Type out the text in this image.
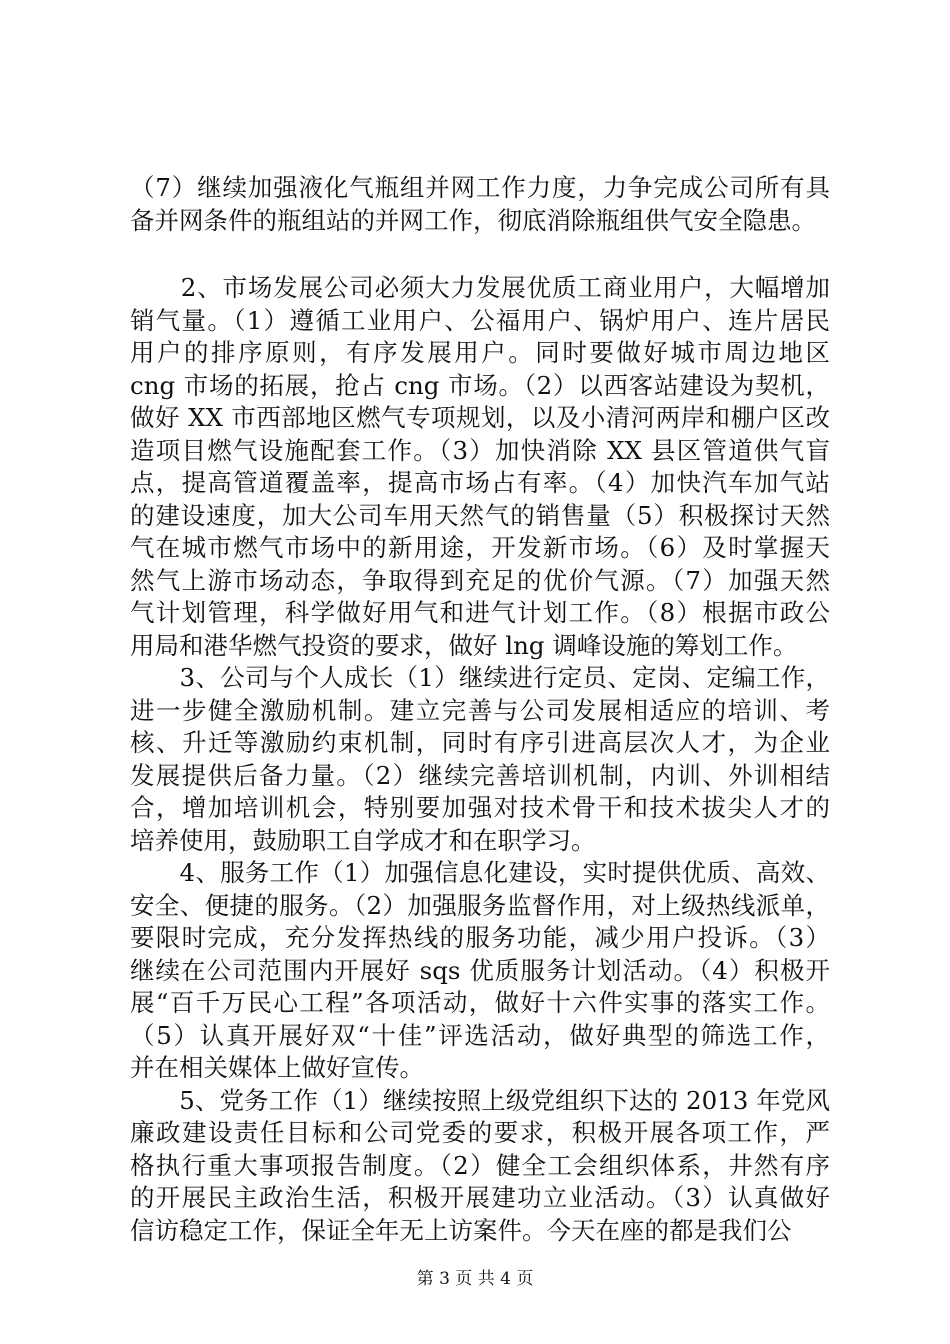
（7）继续加强液化气瓶组并网工作力度，力争完成公司所有具
备并网条件的瓶组站的并网工作，彻底消除瓶组供气安全隐患。
　　2、市场发展公司必须大力发展优质工商业用户，大幅增加
销气量。（1）遵循工业用户、公福用户、锅炉用户、连片居民
用户的排序原则，有序发展用户。同时要做好城市周边地区
cng 市场的拓展，抢占 cng 市场。（2）以西客站建设为契机，
做好 XX 市西部地区燃气专项规划，以及小清河两岸和棚户区改
造项目燃气设施配套工作。（3）加快消除 XX 县区管道供气盲
点，提高管道覆盖率，提高市场占有率。（4）加快汽车加气站
的建设速度，加大公司车用天然气的销售量（5）积极探讨天然
气在城市燃气市场中的新用途，开发新市场。（6）及时掌握天
然气上游市场动态，争取得到充足的优价气源。（7）加强天然
气计划管理，科学做好用气和进气计划工作。（8）根据市政公
用局和港华燃气投资的要求，做好 lng 调峰设施的筹划工作。
　　3、公司与个人成长（1）继续进行定员、定岗、定编工作，
进一步健全激励机制。建立完善与公司发展相适应的培训、考
核、升迁等激励约束机制，同时有序引进高层次人才，为企业
发展提供后备力量。（2）继续完善培训机制，内训、外训相结
合，增加培训机会，特别要加强对技术骨干和技术拔尖人才的
培养使用，鼓励职工自学成才和在职学习。
　　4、服务工作（1）加强信息化建设，实时提供优质、高效、
安全、便捷的服务。（2）加强服务监督作用，对上级热线派单，
要限时完成，充分发挥热线的服务功能，减少用户投诉。（3）
继续在公司范围内开展好 sqs 优质服务计划活动。（4）积极开
展“百千万民心工程”各项活动，做好十六件实事的落实工作。
（5）认真开展好双“十佳”评选活动，做好典型的筛选工作，
并在相关媒体上做好宣传。
　　5、党务工作（1）继续按照上级党组织下达的 2013 年党风
廉政建设责任目标和公司党委的要求，积极开展各项工作，严
格执行重大事项报告制度。（2）健全工会组织体系，井然有序
的开展民主政治生活，积极开展建功立业活动。（3）认真做好
信访稳定工作，保证全年无上访案件。今天在座的都是我们公
第 3 页 共 4 页
